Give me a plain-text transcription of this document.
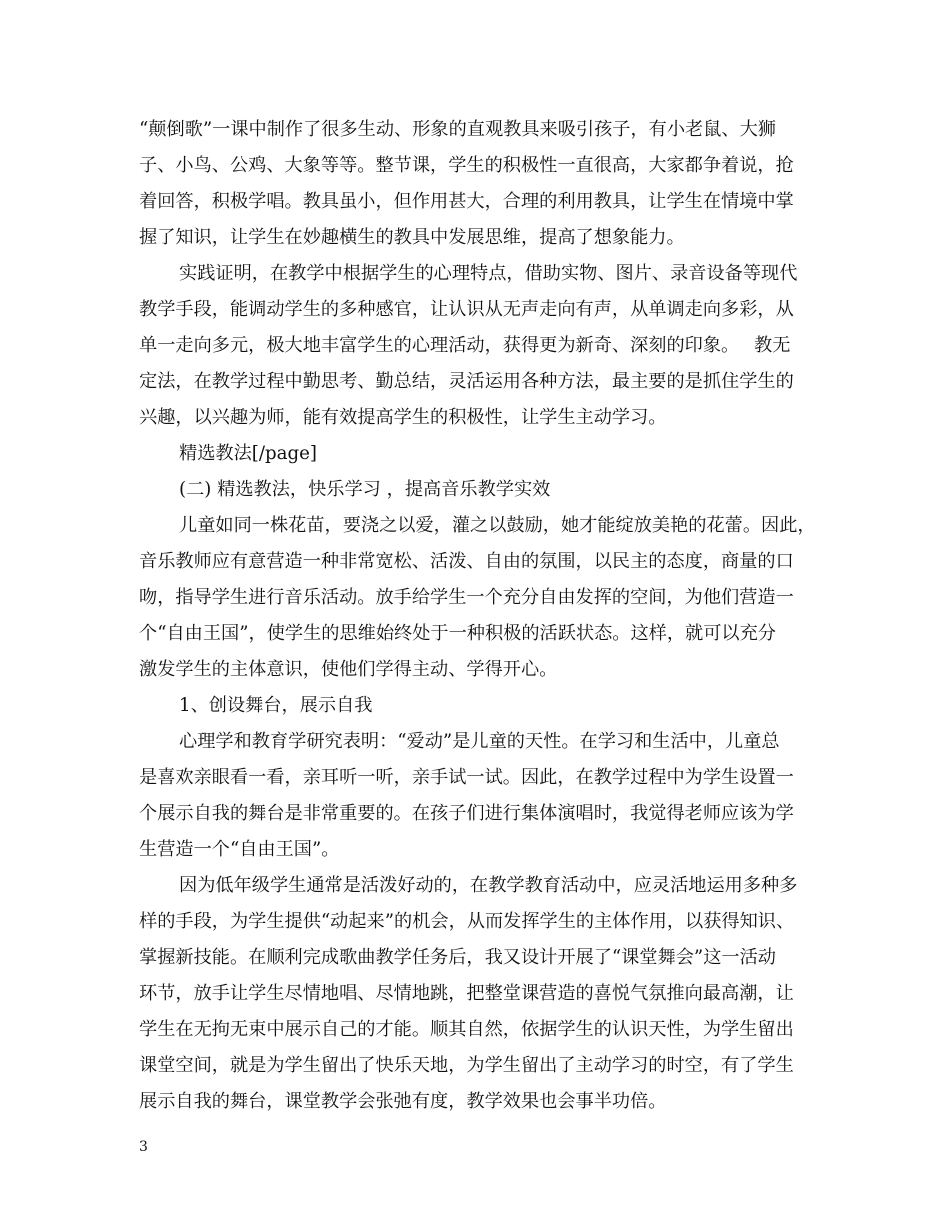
“颠倒歌”一课中制作了很多生动、形象的直观教具来吸引孩子，有小老鼠、大狮
子、小鸟、公鸡、大象等等。整节课，学生的积极性一直很高，大家都争着说，抢
着回答，积极学唱。教具虽小，但作用甚大，合理的利用教具，让学生在情境中掌
握了知识，让学生在妙趣横生的教具中发展思维，提高了想象能力。
实践证明，在教学中根据学生的心理特点，借助实物、图片、录音设备等现代
教学手段，能调动学生的多种感官，让认识从无声走向有声，从单调走向多彩，从
单一走向多元，极大地丰富学生的心理活动，获得更为新奇、深刻的印象。　 教无
定法，在教学过程中勤思考、勤总结，灵活运用各种方法，最主要的是抓住学生的
兴趣，以兴趣为师，能有效提高学生的积极性，让学生主动学习。
精选教法[/page]
(二) 精选教法，快乐学习 ，提高音乐教学实效
儿童如同一株花苗，要浇之以爱，灌之以鼓励，她才能绽放美艳的花蕾。因此，
音乐教师应有意营造一种非常宽松、活泼、自由的氛围，以民主的态度，商量的口
吻，指导学生进行音乐活动。放手给学生一个充分自由发挥的空间，为他们营造一
个“自由王国”，使学生的思维始终处于一种积极的活跃状态。这样，就可以充分
激发学生的主体意识，使他们学得主动、学得开心。
1、创设舞台，展示自我
心理学和教育学研究表明：“爱动”是儿童的天性。在学习和生活中，儿童总
是喜欢亲眼看一看，亲耳听一听，亲手试一试。因此，在教学过程中为学生设置一
个展示自我的舞台是非常重要的。在孩子们进行集体演唱时，我觉得老师应该为学
生营造一个“自由王国”。
因为低年级学生通常是活泼好动的，在教学教育活动中，应灵活地运用多种多
样的手段，为学生提供“动起来”的机会，从而发挥学生的主体作用，以获得知识、
掌握新技能。在顺利完成歌曲教学任务后，我又设计开展了“课堂舞会”这一活动
环节，放手让学生尽情地唱、尽情地跳，把整堂课营造的喜悦气氛推向最高潮，让
学生在无拘无束中展示自己的才能。顺其自然，依据学生的认识天性，为学生留出
课堂空间，就是为学生留出了快乐天地，为学生留出了主动学习的时空，有了学生
展示自我的舞台，课堂教学会张弛有度，教学效果也会事半功倍。
3
